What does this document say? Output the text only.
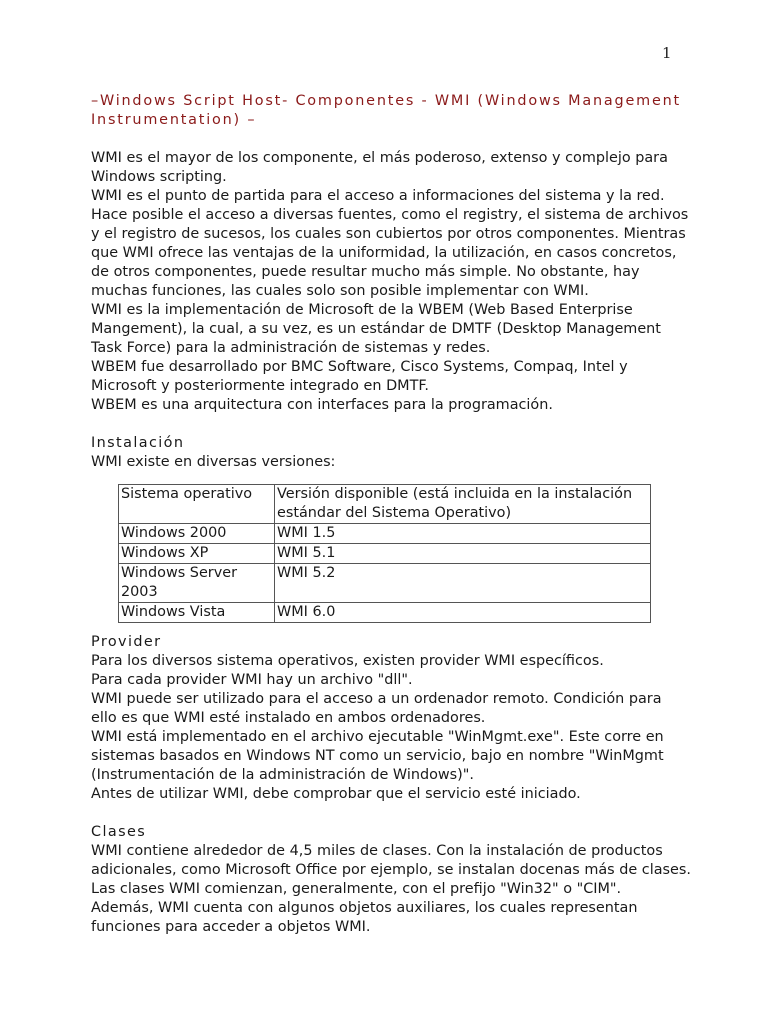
1

–Windows Script Host- Componentes - WMI (Windows Management Instrumentation) –

WMI es el mayor de los componente, el más poderoso, extenso y complejo para Windows scripting.

WMI es el punto de partida para el acceso a informaciones del sistema y la red. Hace posible el acceso a diversas fuentes, como el registry, el sistema de archivos y el registro de sucesos, los cuales son cubiertos por otros componentes. Mientras que WMI ofrece las ventajas de la uniformidad, la utilización, en casos concretos, de otros componentes, puede resultar mucho más simple. No obstante, hay muchas funciones, las cuales solo son posible implementar con WMI.

WMI es la implementación de Microsoft de la WBEM (Web Based Enterprise Mangement), la cual, a su vez, es un estándar de DMTF (Desktop Management Task Force) para la administración de sistemas y redes.

WBEM fue desarrollado por BMC Software, Cisco Systems, Compaq, Intel y Microsoft y posteriormente integrado en DMTF.

WBEM es una arquitectura con interfaces para la programación.

Instalación

WMI existe en diversas versiones:

Sistema operativo	Versión disponible (está incluida en la instalación estándar del Sistema Operativo)
Windows 2000	WMI 1.5
Windows XP	WMI 5.1
Windows Server 2003	WMI 5.2
Windows Vista	WMI 6.0

Provider

Para los diversos sistema operativos, existen provider WMI específicos.

Para cada provider WMI hay un archivo "dll".

WMI puede ser utilizado para el acceso a un ordenador remoto. Condición para ello es que WMI esté instalado en ambos ordenadores.

WMI está implementado en el archivo ejecutable "WinMgmt.exe". Este corre en sistemas basados en Windows NT como un servicio, bajo en nombre "WinMgmt (Instrumentación de la administración de Windows)".

Antes de utilizar WMI, debe comprobar que el servicio esté iniciado.

Clases

WMI contiene alrededor de 4,5 miles de clases. Con la instalación de productos adicionales, como Microsoft Office por ejemplo, se instalan docenas más de clases.

Las clases WMI comienzan, generalmente, con el prefijo "Win32" o "CIM".

Además, WMI cuenta con algunos objetos auxiliares, los cuales representan funciones para acceder a objetos WMI.
